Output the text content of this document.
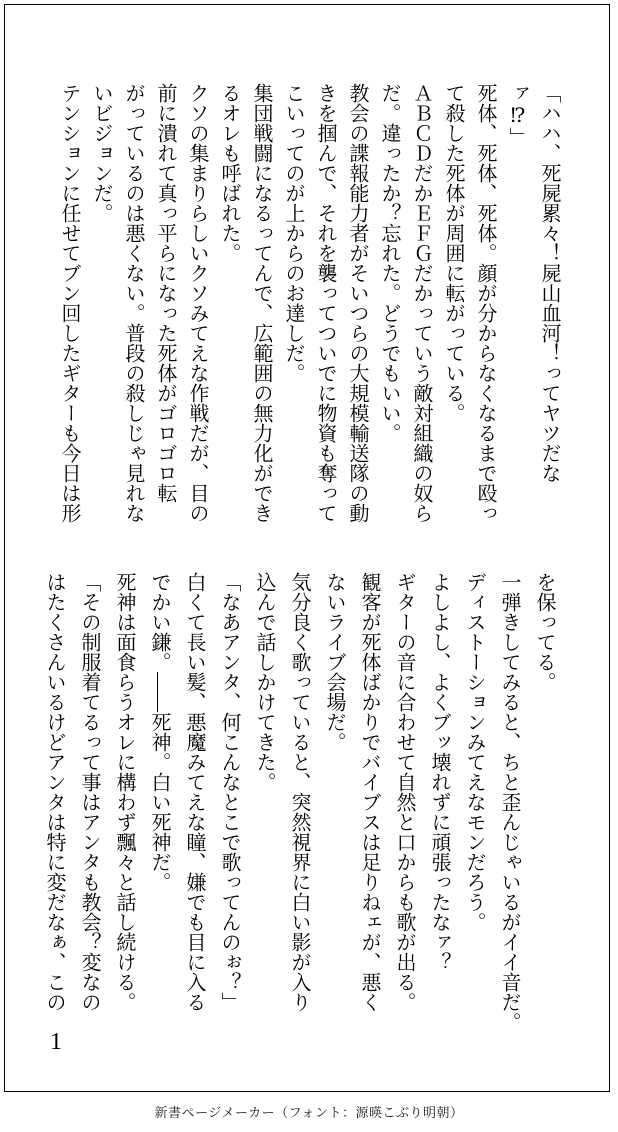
「ハハ、死屍累々！屍山血河！ってヤツだな

ァ⁉」

死体、死体、死体。顔が分からなくなるまで殴っ

て殺した死体が周囲に転がっている。

ＡＢＣＤだかＥＦＧだかっていう敵対組織の奴ら

だ。違ったか？忘れた。どうでもいい。

教会の諜報能力者がそいつらの大規模輸送隊の動

きを掴んで、それを襲ってついでに物資も奪って

こいってのが上からのお達しだ。

集団戦闘になるってんで、広範囲の無力化ができ

るオレも呼ばれた。

クソの集まりらしいクソみてえな作戦だが、目の

前に潰れて真っ平らになった死体がゴロゴロ転

がっているのは悪くない。普段の殺しじゃ見れな

いビジョンだ。

テンションに任せてブン回したギターも今日は形

を保ってる。

一弾きしてみると、ちと歪んじゃいるがイイ音だ。

ディストーションみてえなモンだろう。

よしよし、よくブッ壊れずに頑張ったなァ？

ギターの音に合わせて自然と口からも歌が出る。

観客が死体ばかりでバイブスは足りねェが、悪く

ないライブ会場だ。

気分良く歌っていると、突然視界に白い影が入り

込んで話しかけてきた。

「なあアンタ、何こんなとこで歌ってんのぉ？」

白くて長い髪、悪魔みてえな瞳、嫌でも目に入る

でかい鎌。――死神。白い死神だ。

死神は面食らうオレに構わず飄々と話し続ける。

「その制服着てるって事はアンタも教会？変なの

はたくさんいるけどアンタは特に変だなぁ、この

1
新書ページメーカー（フォント：源暎こぶり明朝）
